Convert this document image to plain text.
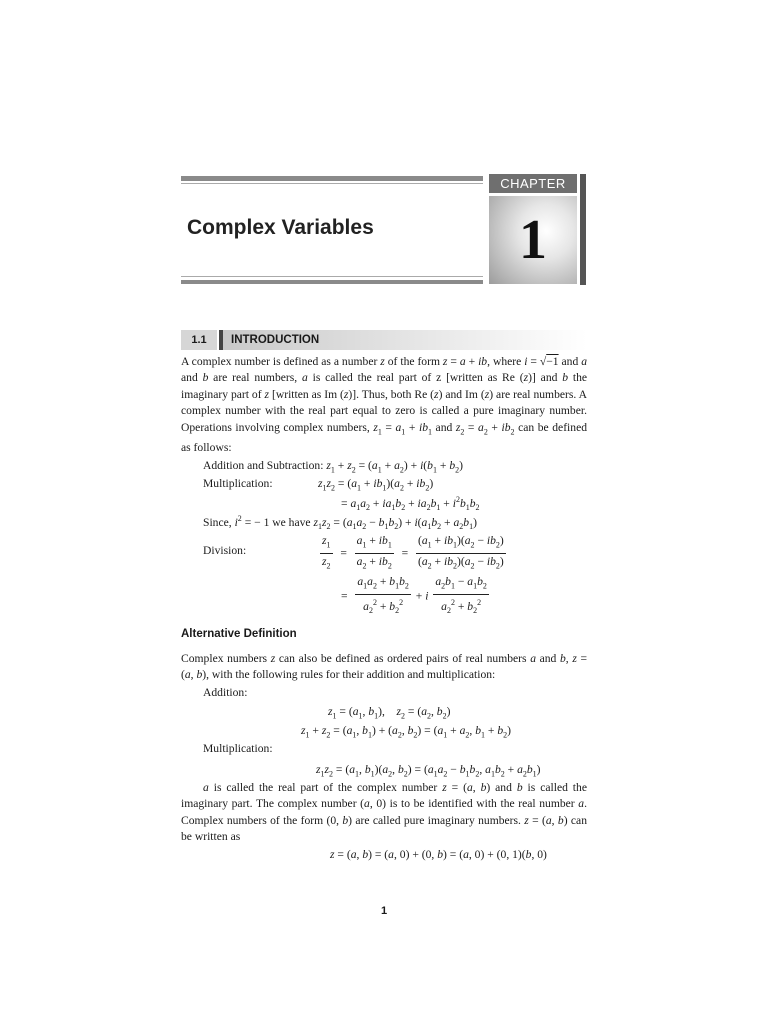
CHAPTER
1
Complex Variables
1.1	INTRODUCTION
A complex number is defined as a number z of the form z = a + ib, where i = √−1 and a and b are real numbers, a is called the real part of z [written as Re (z)] and b the imaginary part of z [written as Im (z)]. Thus, both Re (z) and Im (z) are real numbers. A complex number with the real part equal to zero is called a pure imaginary number. Operations involving complex numbers, $z_1 = a_1 + ib_1$ and $z_2 = a_2 + ib_2$ can be defined as follows:
Addition and Subtraction: $z_1 + z_2 = (a_1 + a_2) + i(b_1 + b_2)$
Multiplication:	$z_1z_2 = (a_1 + ib_1)(a_2 + ib_2)$
= $a_1a_2 + ia_1b_2 + ia_2b_1 + i^2b_1b_2$
Since, $i^2$ = − 1 we have $z_1z_2 = (a_1a_2 - b_1b_2) + i(a_1b_2 + a_2b_1)$
Division:	$\frac{z_1}{z_2} = \frac{a_1 + ib_1}{a_2 + ib_2} = \frac{(a_1 + ib_1)(a_2 - ib_2)}{(a_2 + ib_2)(a_2 - ib_2)}$
= $\frac{a_1a_2 + b_1b_2}{a_2^2 + b_2^2} + i \frac{a_2b_1 - a_1b_2}{a_2^2 + b_2^2}$
Alternative Definition
Complex numbers z can also be defined as ordered pairs of real numbers a and b, z = (a, b), with the following rules for their addition and multiplication:
Addition:
$z_1 = (a_1$, $b_1$),    $z_2 = (a_2$, $b_2$)
$z_1 + z_2 = (a_1$, $b_1) + (a_2$, $b_2) = (a_1 + a_2$, $b_1 + b_2$)
Multiplication:
$z_1z_2 = (a_1$, $b_1)(a_2$, $b_2) = (a_1a_2 - b_1b_2$, $a_1b_2 + a_2b_1$)
a is called the real part of the complex number z = (a, b) and b is called the imaginary part. The complex number (a, 0) is to be identified with the real number a. Complex numbers of the form (0, b) are called pure imaginary numbers. z = (a, b) can be written as
z = (a, b) = (a, 0) + (0, b) = (a, 0) + (0, 1)(b, 0)
1
